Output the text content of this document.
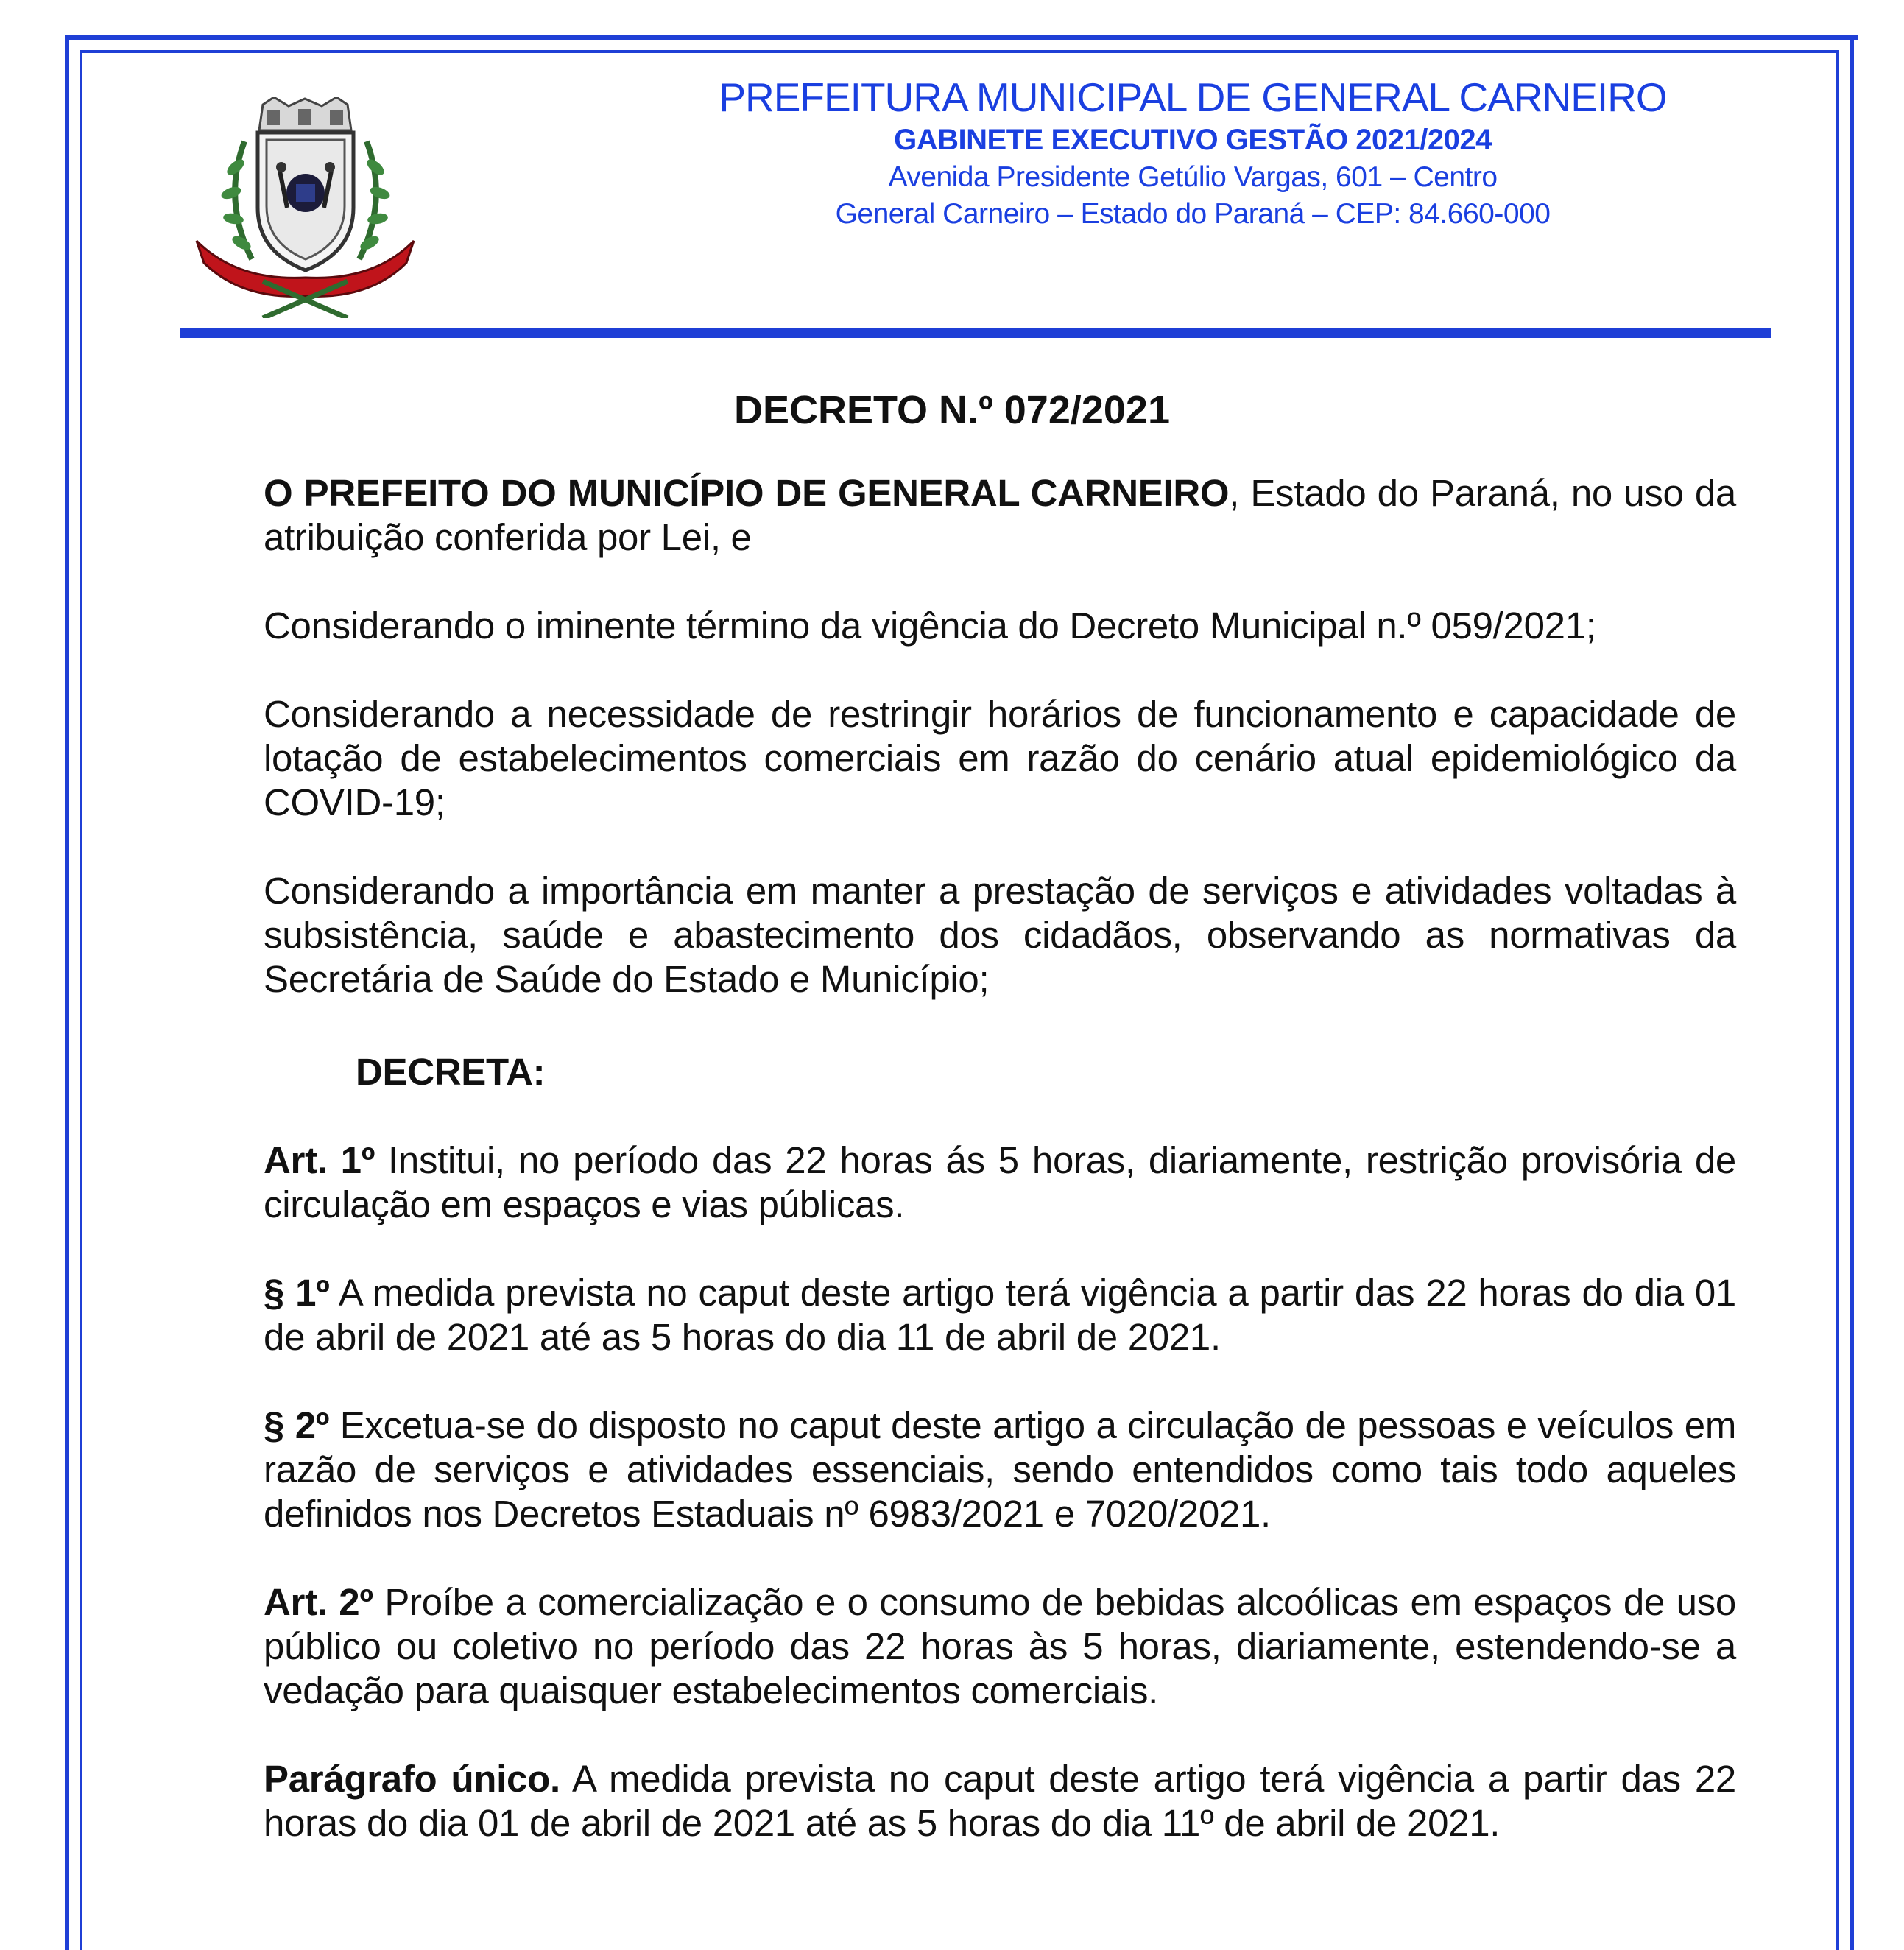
PREFEITURA MUNICIPAL DE GENERAL CARNEIRO
GABINETE EXECUTIVO GESTÃO 2021/2024
Avenida Presidente Getúlio Vargas, 601 – Centro
General Carneiro – Estado do Paraná – CEP: 84.660-000
DECRETO N.º 072/2021

O PREFEITO DO MUNICÍPIO DE GENERAL CARNEIRO, Estado do Paraná, no uso da atribuição conferida por Lei, e

Considerando o iminente término da vigência do Decreto Municipal n.º 059/2021;

Considerando a necessidade de restringir horários de funcionamento e capacidade de lotação de estabelecimentos comerciais em razão do cenário atual epidemiológico da COVID-19;

Considerando a importância em manter a prestação de serviços e atividades voltadas à subsistência, saúde e abastecimento dos cidadãos, observando as normativas da Secretária de Saúde do Estado e Município;

DECRETA:

Art. 1º Institui, no período das 22 horas ás 5 horas, diariamente, restrição provisória de circulação em espaços e vias públicas.

§ 1º A medida prevista no caput deste artigo terá vigência a partir das 22 horas do dia 01 de abril de 2021 até as 5 horas do dia 11 de abril de 2021.

§ 2º Excetua-se do disposto no caput deste artigo a circulação de pessoas e veículos em razão de serviços e atividades essenciais, sendo entendidos como tais todo aqueles definidos nos Decretos Estaduais nº 6983/2021 e 7020/2021.

Art. 2º Proíbe a comercialização e o consumo de bebidas alcoólicas em espaços de uso público ou coletivo no período das 22 horas às 5 horas, diariamente, estendendo-se a vedação para quaisquer estabelecimentos comerciais.

Parágrafo único. A medida prevista no caput deste artigo terá vigência a partir das 22 horas do dia 01 de abril de 2021 até as 5 horas do dia 11º de abril de 2021.
